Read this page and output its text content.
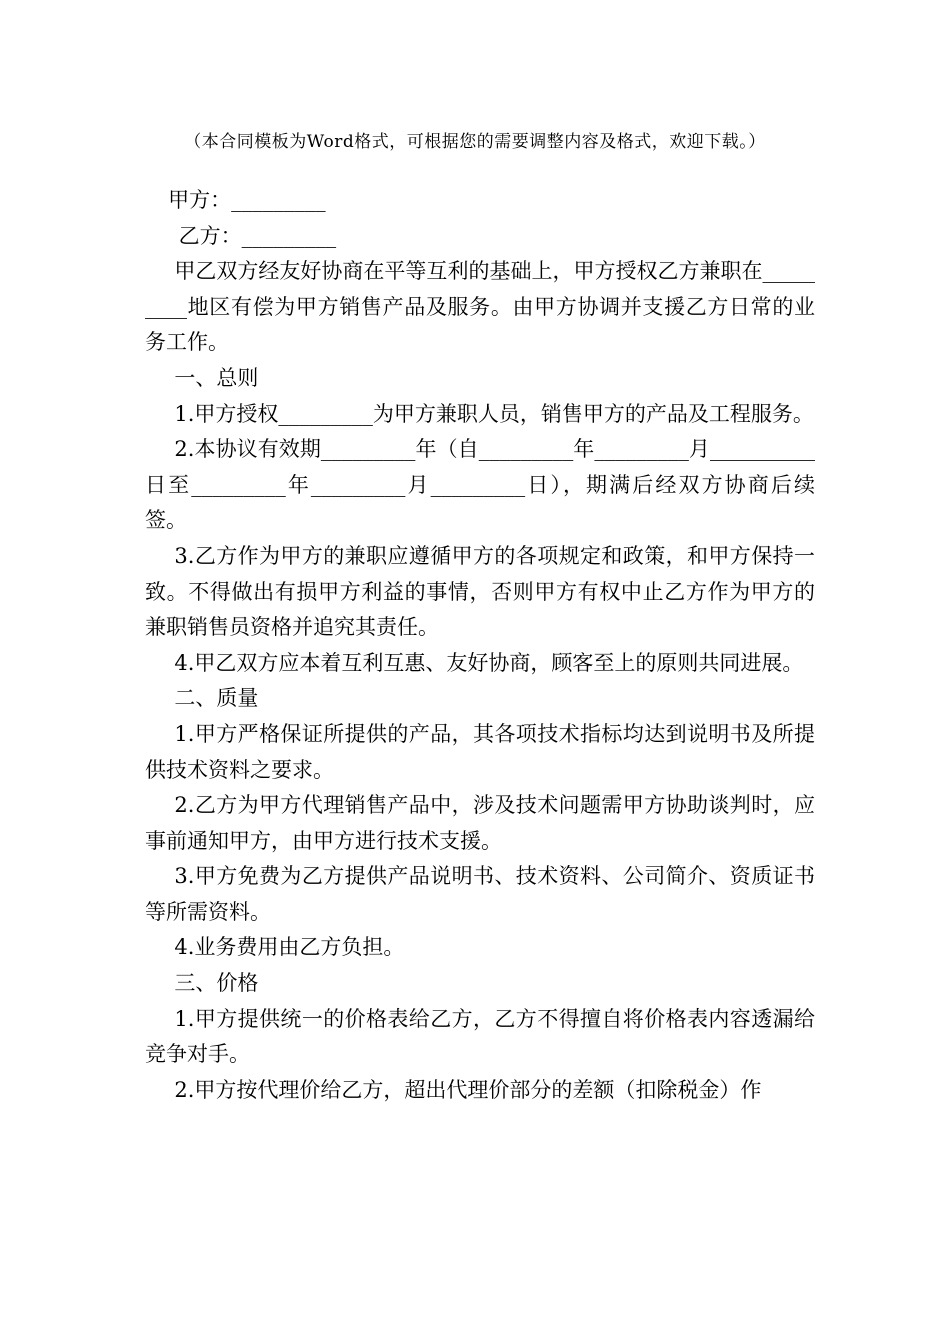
（本合同模板为Word格式，可根据您的需要调整内容及格式，欢迎下载。）

甲方：_________

乙方：_________

甲乙双方经友好协商在平等互利的基础上，甲方授权乙方兼职在_________地区有偿为甲方销售产品及服务。由甲方协调并支援乙方日常的业务工作。

一、总则

1.甲方授权_________为甲方兼职人员，销售甲方的产品及工程服务。

2.本协议有效期_________年（自_________年_________月__________日至_________年_________月_________日），期满后经双方协商后续签。

3.乙方作为甲方的兼职应遵循甲方的各项规定和政策，和甲方保持一致。不得做出有损甲方利益的事情，否则甲方有权中止乙方作为甲方的兼职销售员资格并追究其责任。

4.甲乙双方应本着互利互惠、友好协商，顾客至上的原则共同进展。

二、质量

1.甲方严格保证所提供的产品，其各项技术指标均达到说明书及所提供技术资料之要求。

2.乙方为甲方代理销售产品中，涉及技术问题需甲方协助谈判时，应事前通知甲方，由甲方进行技术支援。

3.甲方免费为乙方提供产品说明书、技术资料、公司简介、资质证书等所需资料。

4.业务费用由乙方负担。

三、价格

1.甲方提供统一的价格表给乙方，乙方不得擅自将价格表内容透漏给竞争对手。

2.甲方按代理价给乙方，超出代理价部分的差额（扣除税金）作
